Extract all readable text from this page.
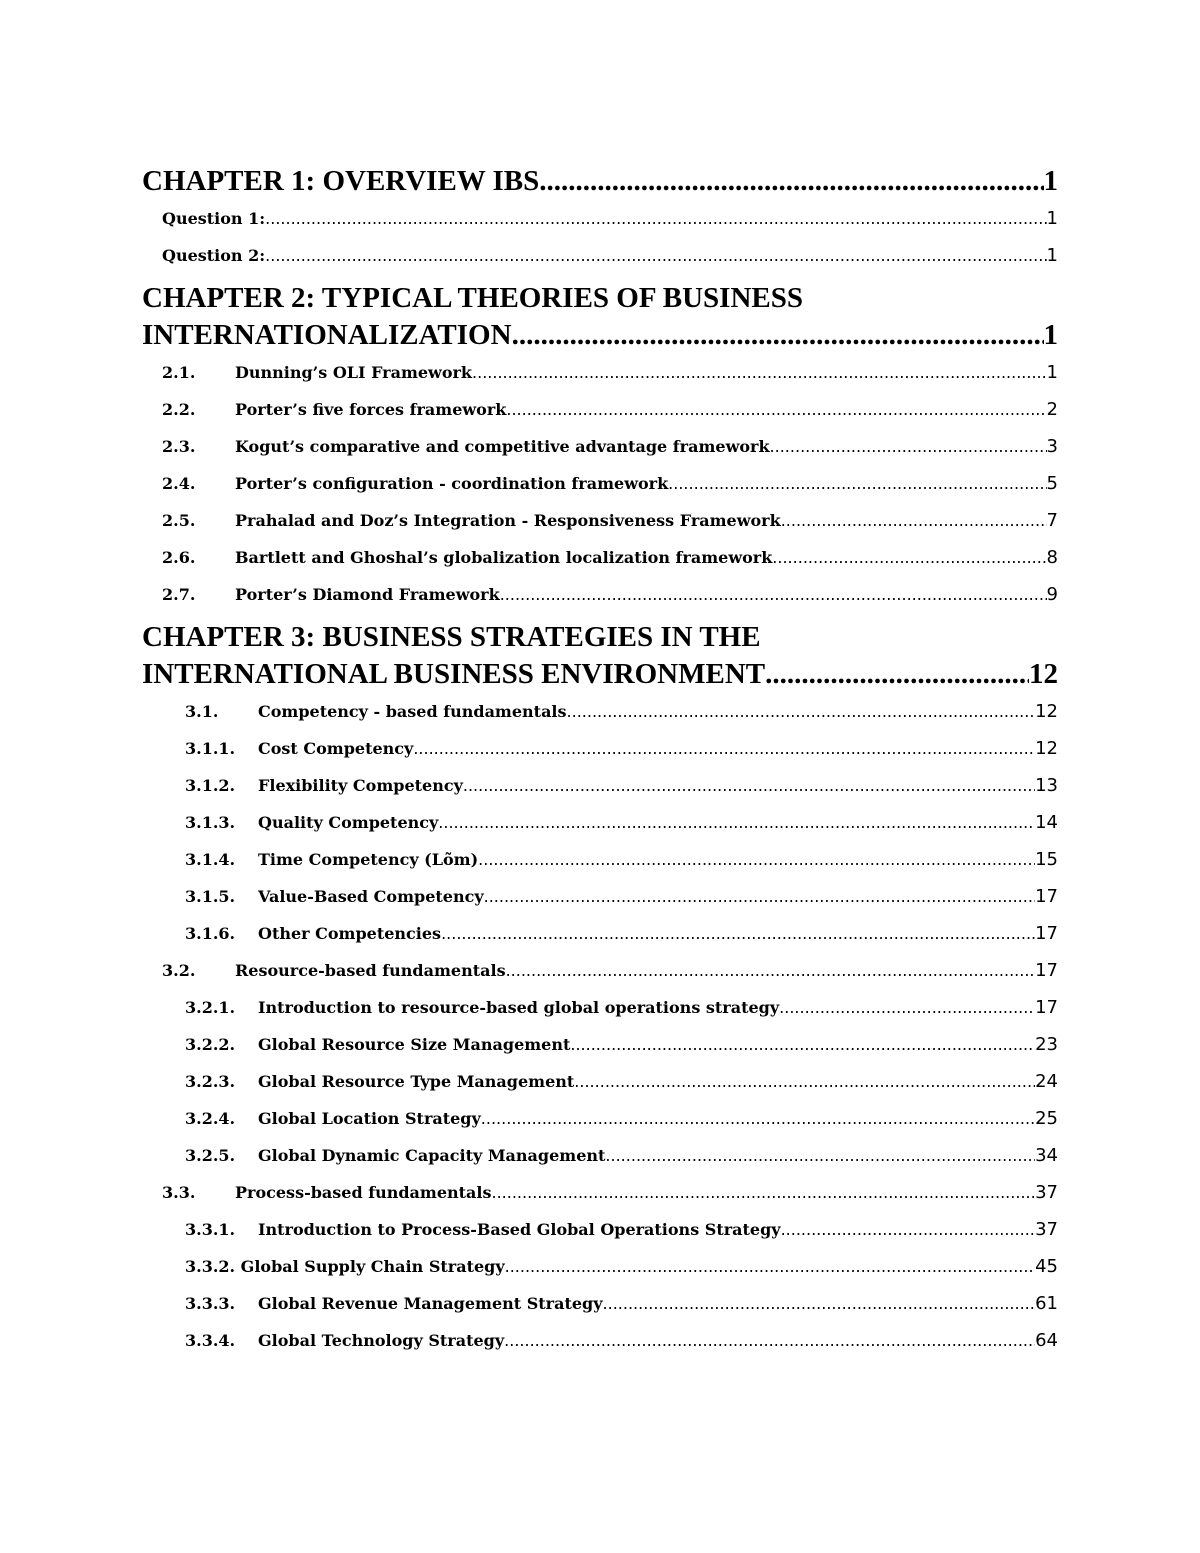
CHAPTER 1: OVERVIEW IBS .....	1
Question 1: .....	1
Question 2: .....	1
CHAPTER 2: TYPICAL THEORIES OF BUSINESS
INTERNATIONALIZATION .....	1
2.1. Dunning’s OLI Framework .....	1
2.2. Porter’s five forces framework .....	2
2.3. Kogut’s comparative and competitive advantage framework .....	3
2.4. Porter’s configuration - coordination framework .....	5
2.5. Prahalad and Doz’s Integration - Responsiveness Framework .....	7
2.6. Bartlett and Ghoshal’s globalization localization framework .....	8
2.7. Porter’s Diamond Framework .....	9
CHAPTER 3: BUSINESS STRATEGIES IN THE
INTERNATIONAL BUSINESS ENVIRONMENT .....	12
3.1. Competency - based fundamentals .....	12
3.1.1. Cost Competency .....	12
3.1.2. Flexibility Competency .....	13
3.1.3. Quality Competency .....	14
3.1.4. Time Competency (Lõm) .....	15
3.1.5. Value-Based Competency .....	17
3.1.6. Other Competencies .....	17
3.2. Resource-based fundamentals .....	17
3.2.1. Introduction to resource-based global operations strategy .....	17
3.2.2. Global Resource Size Management .....	23
3.2.3. Global Resource Type Management .....	24
3.2.4. Global Location Strategy .....	25
3.2.5. Global Dynamic Capacity Management .....	34
3.3. Process-based fundamentals .....	37
3.3.1. Introduction to Process-Based Global Operations Strategy .....	37
3.3.2. Global Supply Chain Strategy .....	45
3.3.3. Global Revenue Management Strategy .....	61
3.3.4. Global Technology Strategy .....	64
